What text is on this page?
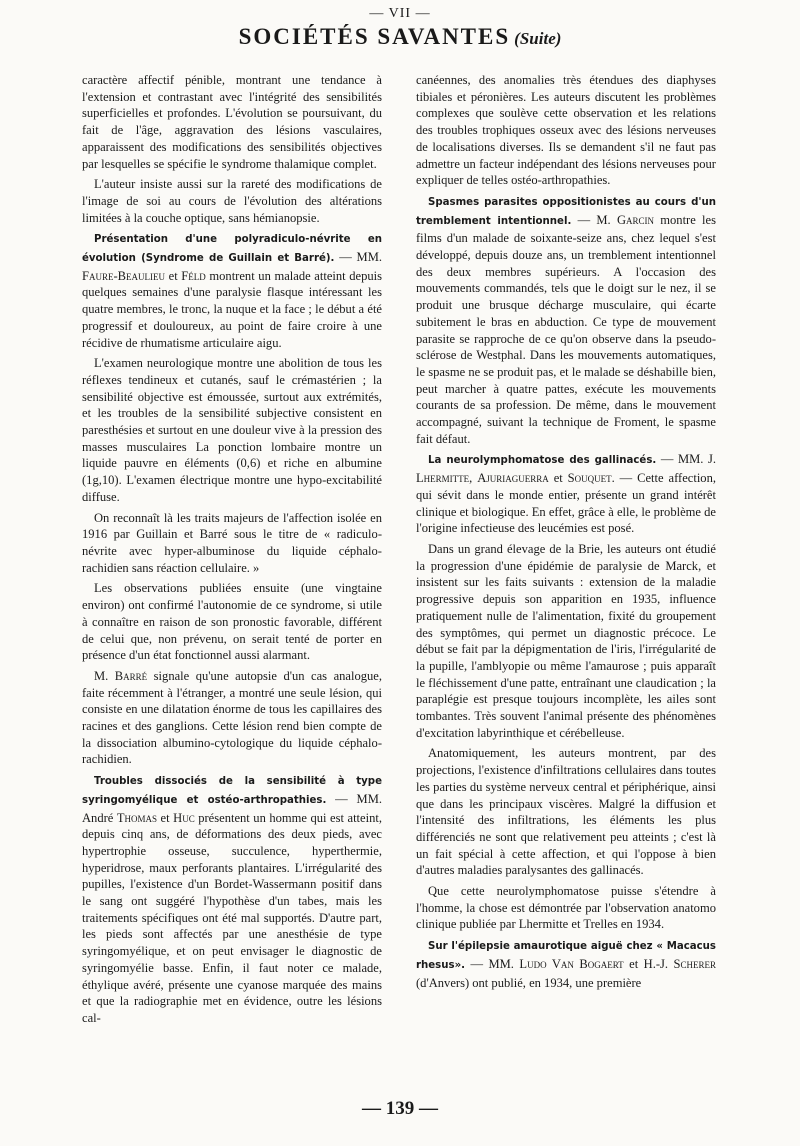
— VII —
SOCIÉTÉS SAVANTES (Suite)

caractère affectif pénible, montrant une tendance à l'extension et contrastant avec l'intégrité des sensibilités superficielles et profondes. L'évolution se poursuivant, du fait de l'âge, aggravation des lésions vasculaires, apparaissent des modifications des sensibilités objectives par lesquelles se spécifie le syndrome thalamique complet.

L'auteur insiste aussi sur la rareté des modifications de l'image de soi au cours de l'évolution des altérations limitées à la couche optique, sans hémianopsie.

Présentation d'une polyradiculo-névrite en évolution (Syndrome de Guillain et Barré). — MM. Faure-Beaulieu et Féld montrent un malade atteint depuis quelques semaines d'une paralysie flasque intéressant les quatre membres, le tronc, la nuque et la face ; le début a été progressif et douloureux, au point de faire croire à une récidive de rhumatisme articulaire aigu.

L'examen neurologique montre une abolition de tous les réflexes tendineux et cutanés, sauf le crémastérien ; la sensibilité objective est émoussée, surtout aux extrémités, et les troubles de la sensibilité subjective consistent en paresthésies et surtout en une douleur vive à la pression des masses musculaires La ponction lombaire montre un liquide pauvre en éléments (0,6) et riche en albumine (1g,10). L'examen électrique montre une hypo-excitabilité diffuse.

On reconnaît là les traits majeurs de l'affection isolée en 1916 par Guillain et Barré sous le titre de « radiculo-névrite avec hyper-albuminose du liquide céphalo-rachidien sans réaction cellulaire. »

Les observations publiées ensuite (une vingtaine environ) ont confirmé l'autonomie de ce syndrome, si utile à connaître en raison de son pronostic favorable, différent de celui que, non prévenu, on serait tenté de porter en présence d'un état fonctionnel aussi alarmant.

M. Barré signale qu'une autopsie d'un cas analogue, faite récemment à l'étranger, a montré une seule lésion, qui consiste en une dilatation énorme de tous les capillaires des racines et des ganglions. Cette lésion rend bien compte de la dissociation albumino-cytologique du liquide céphalo-rachidien.

Troubles dissociés de la sensibilité à type syringomyélique et ostéo-arthropathies. — MM. André Thomas et Huc présentent un homme qui est atteint, depuis cinq ans, de déformations des deux pieds, avec hypertrophie osseuse, succulence, hyperthermie, hyperidrose, maux perforants plantaires. L'irrégularité des pupilles, l'existence d'un Bordet-Wassermann positif dans le sang ont suggéré l'hypothèse d'un tabes, mais les traitements spécifiques ont été mal supportés. D'autre part, les pieds sont affectés par une anesthésie de type syringomyélique, et on peut envisager le diagnostic de syringomyélie basse. Enfin, il faut noter ce malade, éthylique avéré, présente une cyanose marquée des mains et que la radiographie met en évidence, outre les lésions cal-

canéennes, des anomalies très étendues des diaphyses tibiales et péronières. Les auteurs discutent les problèmes complexes que soulève cette observation et les relations des troubles trophiques osseux avec des lésions nerveuses de localisations diverses. Ils se demandent s'il ne faut pas admettre un facteur indépendant des lésions nerveuses pour expliquer de telles ostéo-arthropathies.

Spasmes parasites oppositionistes au cours d'un tremblement intentionnel. — M. Garcin montre les films d'un malade de soixante-seize ans, chez lequel s'est développé, depuis douze ans, un tremblement intentionnel des deux membres supérieurs. A l'occasion des mouvements commandés, tels que le doigt sur le nez, il se produit une brusque décharge musculaire, qui écarte subitement le bras en abduction. Ce type de mouvement parasite se rapproche de ce qu'on observe dans la pseudo-sclérose de Westphal. Dans les mouvements automatiques, le spasme ne se produit pas, et le malade se déshabille bien, peut marcher à quatre pattes, exécute les mouvements courants de sa profession. De même, dans le mouvement accompagné, suivant la technique de Froment, le spasme fait défaut.

La neurolymphomatose des gallinacés. — MM. J. Lhermitte, Ajuriaguerra et Souquet. — Cette affection, qui sévit dans le monde entier, présente un grand intérêt clinique et biologique. En effet, grâce à elle, le problème de l'origine infectieuse des leucémies est posé.

Dans un grand élevage de la Brie, les auteurs ont étudié la progression d'une épidémie de paralysie de Marck, et insistent sur les faits suivants : extension de la maladie progressive depuis son apparition en 1935, influence pratiquement nulle de l'alimentation, fixité du groupement des symptômes, qui permet un diagnostic précoce. Le début se fait par la dépigmentation de l'iris, l'irrégularité de la pupille, l'amblyopie ou même l'amaurose ; puis apparaît le fléchissement d'une patte, entraînant une claudication ; la paraplégie est presque toujours incomplète, les ailes sont tombantes. Très souvent l'animal présente des phénomènes d'excitation labyrinthique et cérébelleuse.

Anatomiquement, les auteurs montrent, par des projections, l'existence d'infiltrations cellulaires dans toutes les parties du système nerveux central et périphérique, ainsi que dans les principaux viscères. Malgré la diffusion et l'intensité des infiltrations, les éléments les plus différenciés ne sont que relativement peu atteints ; c'est là un fait spécial à cette affection, et qui l'oppose à bien d'autres maladies paralysantes des gallinacés.

Que cette neurolymphomatose puisse s'étendre à l'homme, la chose est démontrée par l'observation anatomo clinique publiée par Lhermitte et Trelles en 1934.

Sur l'épilepsie amaurotique aiguë chez « Macacus rhesus». — MM. Ludo Van Bogaert et H.-J. Scherer (d'Anvers) ont publié, en 1934, une première

— 139 —
